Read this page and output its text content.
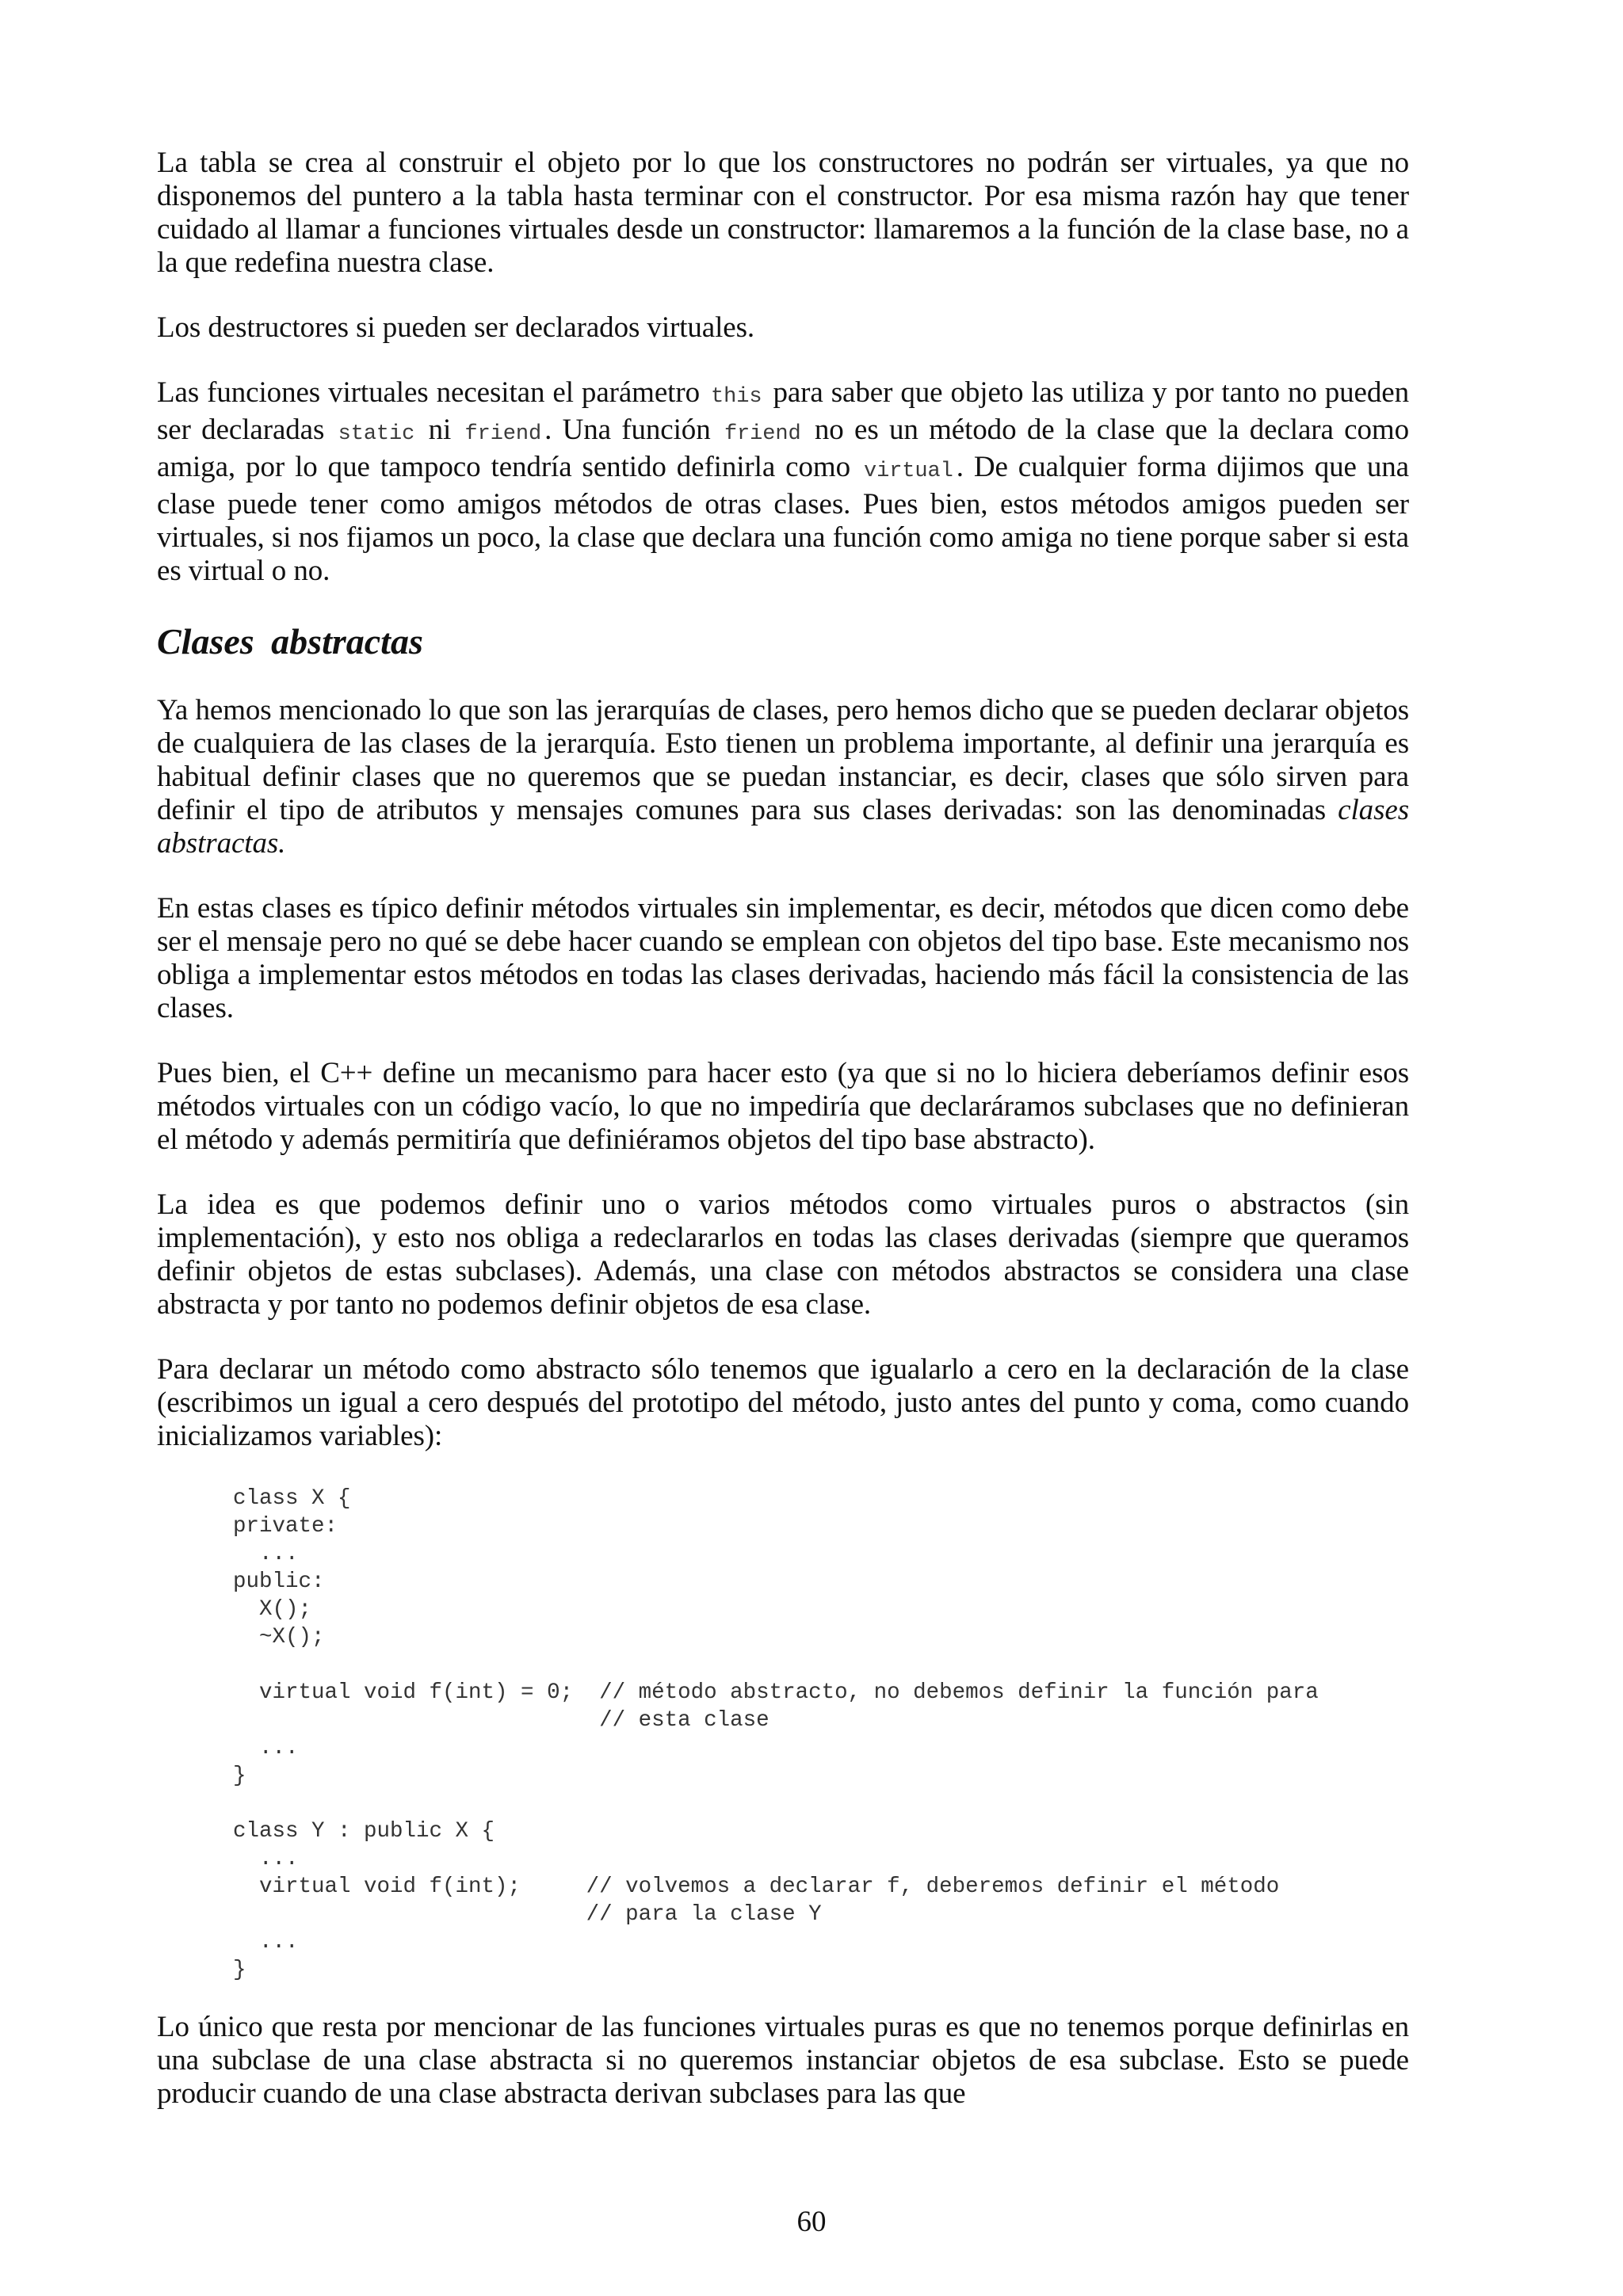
La tabla se crea al construir el objeto por lo que los constructores no podrán ser virtuales, ya que no disponemos del puntero a la tabla hasta terminar con el constructor. Por esa misma razón hay que tener cuidado al llamar a funciones virtuales desde un constructor: llamaremos a la función de la clase base, no a la que redefina nuestra clase.

Los destructores si pueden ser declarados virtuales.

Las funciones virtuales necesitan el parámetro this para saber que objeto las utiliza y por tanto no pueden ser declaradas static ni friend . Una función friend no es un método de la clase que la declara como amiga, por lo que tampoco tendría sentido definirla como virtual . De cualquier forma dijimos que una clase puede tener como amigos métodos de otras clases. Pues bien, estos métodos amigos pueden ser virtuales, si nos fijamos un poco, la clase que declara una función como amiga no tiene porque saber si esta es virtual o no.

Clases abstractas

Ya hemos mencionado lo que son las jerarquías de clases, pero hemos dicho que se pueden declarar objetos de cualquiera de las clases de la jerarquía. Esto tienen un problema importante, al definir una jerarquía es habitual definir clases que no queremos que se puedan instanciar, es decir, clases que sólo sirven para definir el tipo de atributos y mensajes comunes para sus clases derivadas: son las denominadas clases abstractas.

En estas clases es típico definir métodos virtuales sin implementar, es decir, métodos que dicen como debe ser el mensaje pero no qué se debe hacer cuando se emplean con objetos del tipo base. Este mecanismo nos obliga a implementar estos métodos en todas las clases derivadas, haciendo más fácil la consistencia de las clases.

Pues bien, el C++ define un mecanismo para hacer esto (ya que si no lo hiciera deberíamos definir esos métodos virtuales con un código vacío, lo que no impediría que declaráramos subclases que no definieran el método y además permitiría que definiéramos objetos del tipo base abstracto).

La idea es que podemos definir uno o varios métodos como virtuales puros o abstractos (sin implementación), y esto nos obliga a redeclararlos en todas las clases derivadas (siempre que queramos definir objetos de estas subclases). Además, una clase con métodos abstractos se considera una clase abstracta y por tanto no podemos definir objetos de esa clase.

Para declarar un método como abstracto sólo tenemos que igualarlo a cero en la declaración de la clase (escribimos un igual a cero después del prototipo del método, justo antes del punto y coma, como cuando inicializamos variables):

class X {
private:
...
public:
X();
~X();
virtual void f(int) = 0;  // método abstracto, no debemos definir la función para
// esta clase
...
}
class Y : public X {
...
virtual void f(int);     // volvemos a declarar f, deberemos definir el método
// para la clase Y
...
}

Lo único que resta por mencionar de las funciones virtuales puras es que no tenemos porque definirlas en una subclase de una clase abstracta si no queremos instanciar objetos de esa subclase. Esto se puede producir cuando de una clase abstracta derivan subclases para las que

60
